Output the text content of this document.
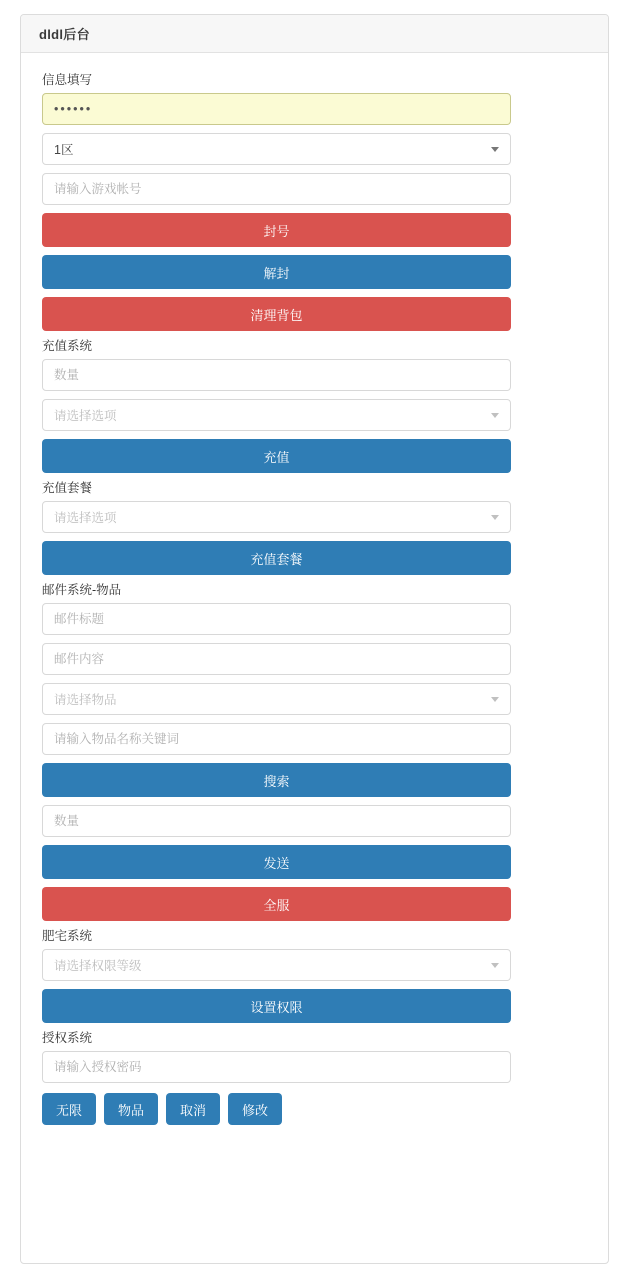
dldl后台
信息填写
••••••
1区
请输入游戏帐号
封号
解封
清理背包
充值系统
数量
请选择选项
充值
充值套餐
请选择选项
充值套餐
邮件系统-物品
邮件标题
邮件内容
请选择物品
请输入物品名称关键词
搜索
数量
发送
全服
肥宅系统
请选择权限等级
设置权限
授权系统
请输入授权密码
无限	物品	取消	修改
